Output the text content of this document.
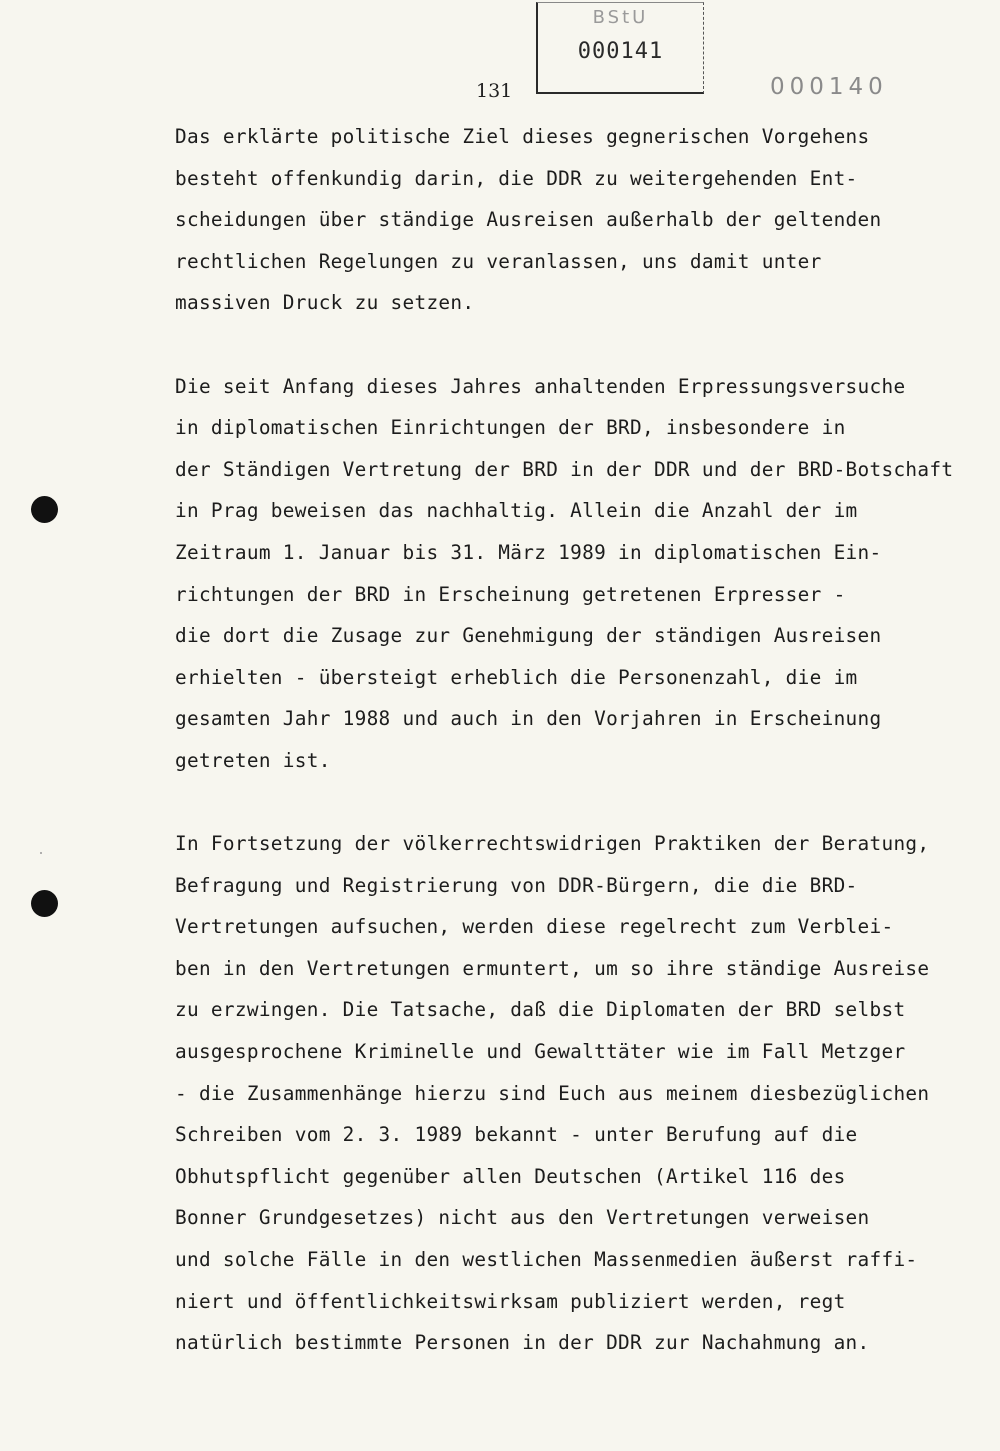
BStU
000141
131	000140
Das erklärte politische Ziel dieses gegnerischen Vorgehens
besteht offenkundig darin, die DDR zu weitergehenden Ent-
scheidungen über ständige Ausreisen außerhalb der geltenden
rechtlichen Regelungen zu veranlassen, uns damit unter
massiven Druck zu setzen.
Die seit Anfang dieses Jahres anhaltenden Erpressungsversuche
in diplomatischen Einrichtungen der BRD, insbesondere in
der Ständigen Vertretung der BRD in der DDR und der BRD-Botschaft
in Prag beweisen das nachhaltig. Allein die Anzahl der im
Zeitraum 1. Januar bis 31. März 1989 in diplomatischen Ein-
richtungen der BRD in Erscheinung getretenen Erpresser -
die dort die Zusage zur Genehmigung der ständigen Ausreisen
erhielten - übersteigt erheblich die Personenzahl, die im
gesamten Jahr 1988 und auch in den Vorjahren in Erscheinung
getreten ist.
In Fortsetzung der völkerrechtswidrigen Praktiken der Beratung,
Befragung und Registrierung von DDR-Bürgern, die die BRD-
Vertretungen aufsuchen, werden diese regelrecht zum Verblei-
ben in den Vertretungen ermuntert, um so ihre ständige Ausreise
zu erzwingen. Die Tatsache, daß die Diplomaten der BRD selbst
ausgesprochene Kriminelle und Gewalttäter wie im Fall Metzger
- die Zusammenhänge hierzu sind Euch aus meinem diesbezüglichen
Schreiben vom 2. 3. 1989 bekannt - unter Berufung auf die
Obhutspflicht gegenüber allen Deutschen (Artikel 116 des
Bonner Grundgesetzes) nicht aus den Vertretungen verweisen
und solche Fälle in den westlichen Massenmedien äußerst raffi-
niert und öffentlichkeitswirksam publiziert werden, regt
natürlich bestimmte Personen in der DDR zur Nachahmung an.
